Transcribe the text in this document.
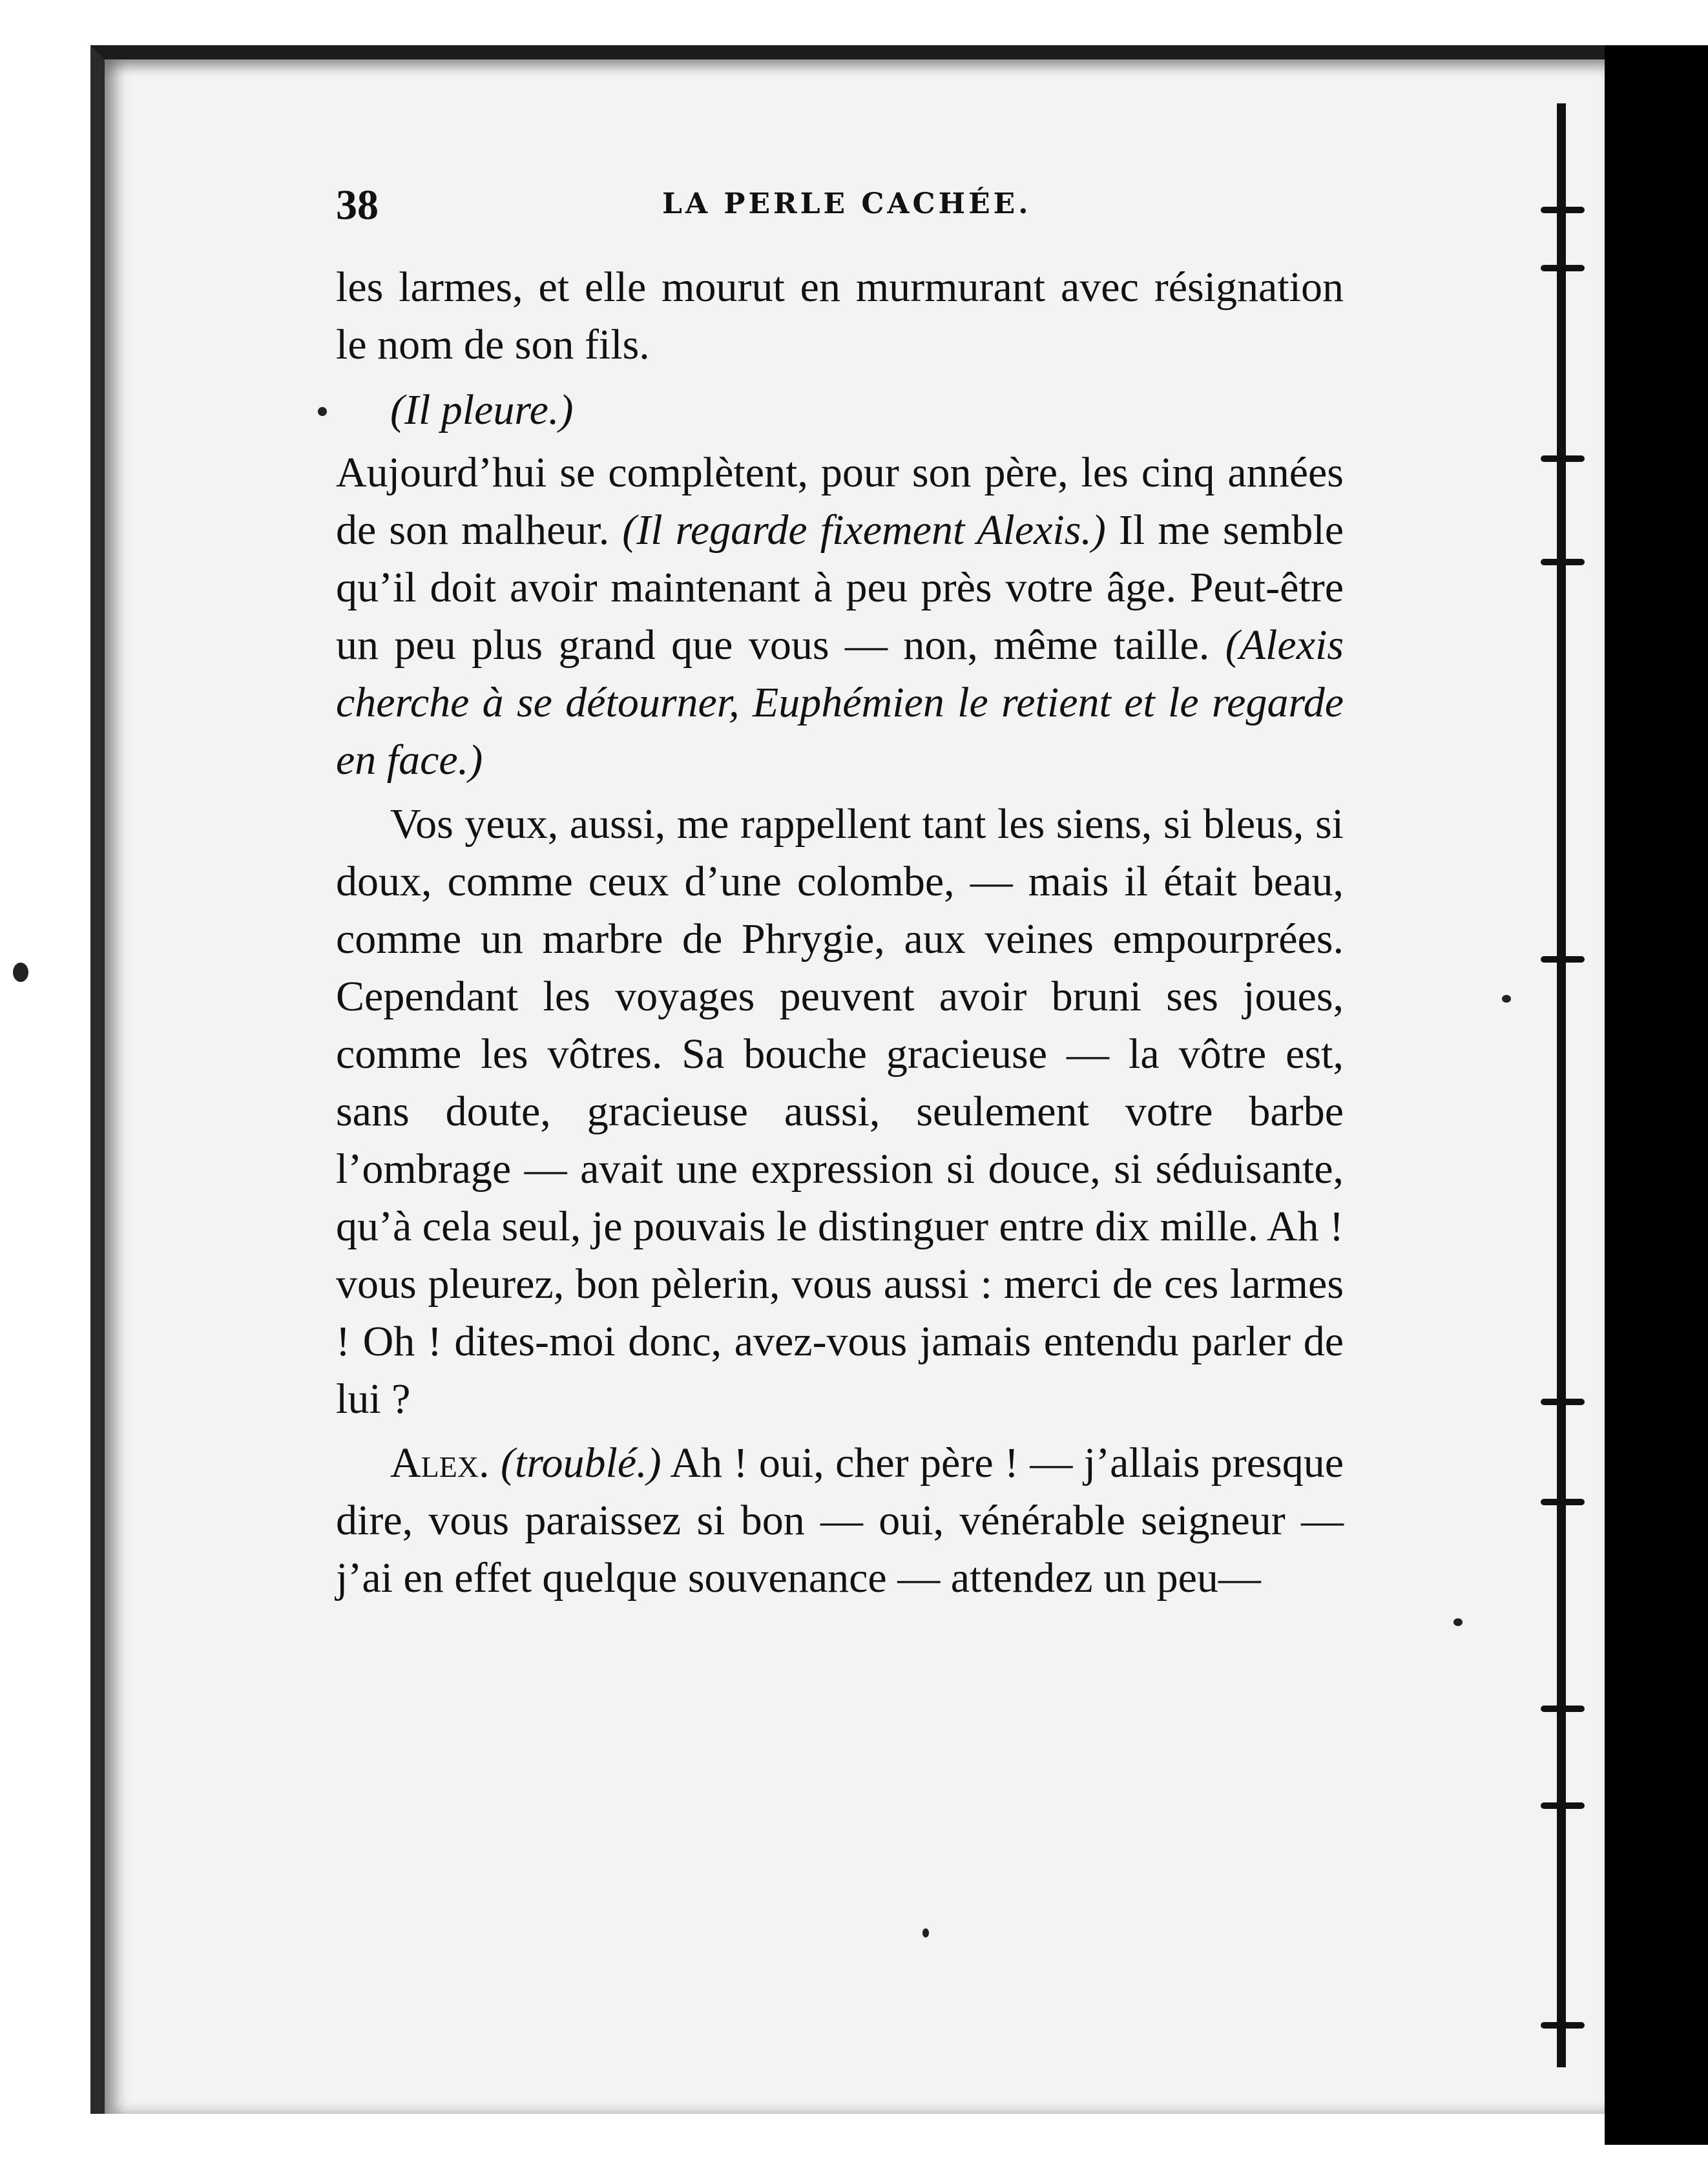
38	LA PERLE CACHÉE.

les larmes, et elle mourut en murmurant avec résignation le nom de son fils.

(Il pleure.)

Aujourd’hui se complètent, pour son père, les cinq années de son malheur. (Il regarde fixement Alexis.) Il me semble qu’il doit avoir maintenant à peu près votre âge. Peut-être un peu plus grand que vous — non, même taille. (Alexis cherche à se détourner, Euphémien le retient et le regarde en face.)

Vos yeux, aussi, me rappellent tant les siens, si bleus, si doux, comme ceux d’une colombe, — mais il était beau, comme un marbre de Phrygie, aux veines empourprées. Cependant les voyages peuvent avoir bruni ses joues, comme les vôtres. Sa bouche gracieuse — la vôtre est, sans doute, gracieuse aussi, seulement votre barbe l’ombrage — avait une expression si douce, si séduisante, qu’à cela seul, je pouvais le distinguer entre dix mille. Ah ! vous pleurez, bon pèlerin, vous aussi : merci de ces larmes ! Oh ! dites-moi donc, avez-vous jamais entendu parler de lui ?

Alex. (troublé.) Ah ! oui, cher père ! — j’allais presque dire, vous paraissez si bon — oui, vénérable seigneur — j’ai en effet quelque souvenance — attendez un peu—
